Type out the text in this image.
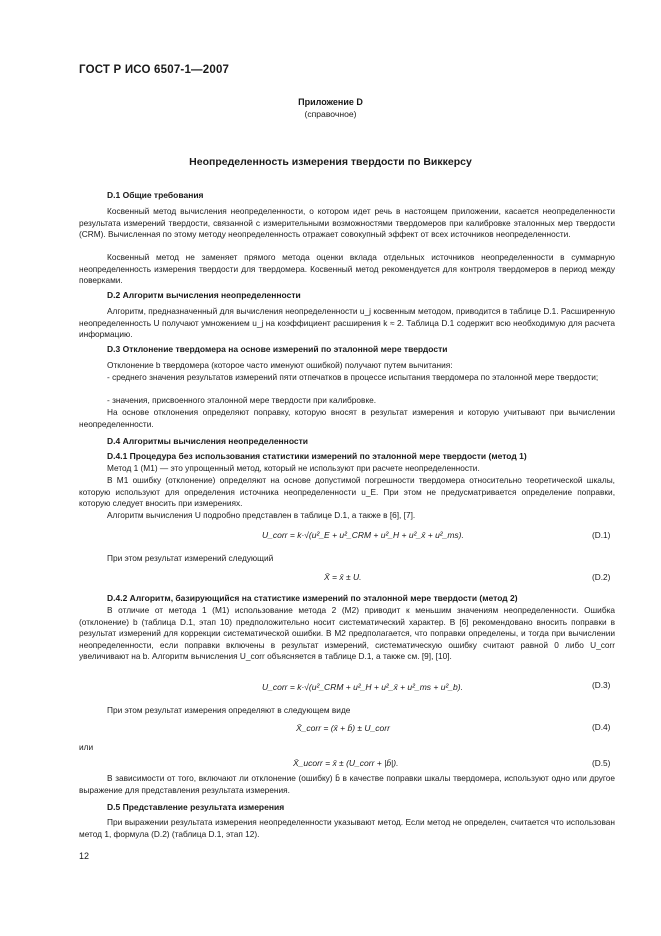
ГОСТ Р ИСО 6507-1—2007
Приложение D
(справочное)
Неопределенность измерения твердости по Виккерсу
D.1 Общие требования

Косвенный метод вычисления неопределенности, о котором идет речь в настоящем приложении, касается неопределенности результата измерений твердости, связанной с измерительными возможностями твердомеров при калибровке эталонных мер твердости (CRM). Вычисленная по этому методу неопределенность отражает совокупный эффект от всех источников неопределенности.

Косвенный метод не заменяет прямого метода оценки вклада отдельных источников неопределенности в суммарную неопределенность измерения твердости для твердомера. Косвенный метод рекомендуется для контроля твердомеров в период между поверками.

D.2 Алгоритм вычисления неопределенности

Алгоритм, предназначенный для вычисления неопределенности u_j косвенным методом, приводится в таблице D.1. Расширенную неопределенность U получают умножением u_j на коэффициент расширения k ≈ 2. Таблица D.1 содержит всю необходимую для расчета информацию.

D.3 Отклонение твердомера на основе измерений по эталонной мере твердости

Отклонение b твердомера (которое часто именуют ошибкой) получают путем вычитания:

- среднего значения результатов измерений пяти отпечатков в процессе испытания твердомера по эталонной мере твердости;

- значения, присвоенного эталонной мере твердости при калибровке.

На основе отклонения определяют поправку, которую вносят в результат измерения и которую учитывают при вычислении неопределенности.

D.4 Алгоритмы вычисления неопределенности
D.4.1 Процедура без использования статистики измерений по эталонной мере твердости (метод 1)

Метод 1 (M1) — это упрощенный метод, который не используют при расчете неопределенности.

В M1 ошибку (отклонение) определяют на основе допустимой погрешности твердомера относительно теоретической шкалы, которую используют для определения источника неопределенности u_E. При этом не предусматривается определение поправки, которую следует вносить при измерениях.

Алгоритм вычисления U подробно представлен в таблице D.1, а также в [6], [7].

U_corr = k·√(u²_E + u²_CRM + u²_H + u²_x̄ + u²_ms).	(D.1)

При этом результат измерений следующий

X̄ = x̄ ± U.	(D.2)
D.4.2 Алгоритм, базирующийся на статистике измерений по эталонной мере твердости (метод 2)

В отличие от метода 1 (M1) использование метода 2 (M2) приводит к меньшим значениям неопределенности. Ошибка (отклонение) b (таблица D.1, этап 10) предположительно носит систематический характер. В [6] рекомендовано вносить поправки в результат измерений для коррекции систематической ошибки. В M2 предполагается, что поправки определены, и тогда при вычислении неопределенности, если поправки включены в результат измерений, систематическую ошибку считают равной 0 либо U_corr увеличивают на b. Алгоритм вычисления U_corr объясняется в таблице D.1, а также см. [9], [10].

U_corr = k·√(u²_CRM + u²_H + u²_x̄ + u²_ms + u²_b).	(D.3)

При этом результат измерения определяют в следующем виде

X̄_corr = (x̄ + b̄) ± U_corr	(D.4)
или
X̄_ucorr = x̄ ± (U_corr + |b̄|).	(D.5)

В зависимости от того, включают ли отклонение (ошибку) b̄ в качестве поправки шкалы твердомера, используют одно или другое выражение для представления результата измерения.

D.5 Представление результата измерения

При выражении результата измерения неопределенности указывают метод. Если метод не определен, считается что использован метод 1, формула (D.2) (таблица D.1, этап 12).

12
